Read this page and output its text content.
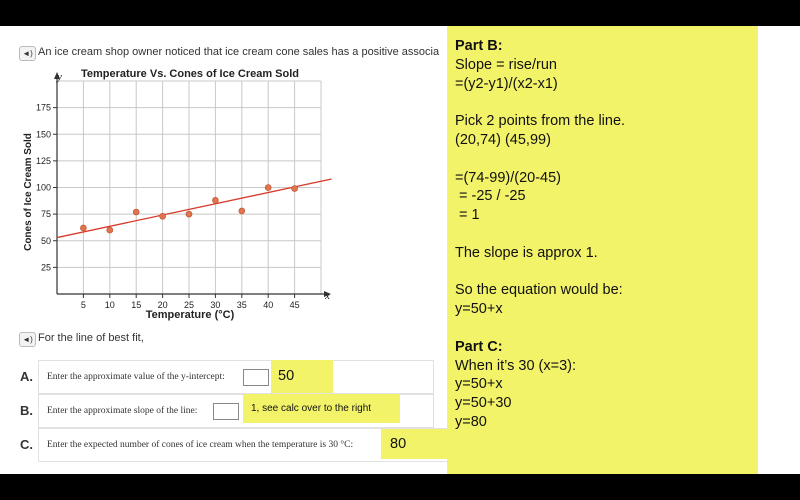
◄) An ice cream shop owner noticed that ice cream cone sales has a positive associa
5 10 15 20 25 30 35 40 45
25
50
75
100
125
150
175
Temperature Vs. Cones of Ice Cream Sold
Temperature (°C)
Cones of Ice Cream Sold
y
x
◄) For the line of best fit,
A. Enter the approximate value of the y-intercept:	50
B. Enter the approximate slope of the line:	1, see calc over to the right
C. Enter the expected number of cones of ice cream when the temperature is 30 °C:	80
Part B:
Slope = rise/run
=(y2-y1)/(x2-x1)
Pick 2 points from the line.
(20,74) (45,99)
=(74-99)/(20-45)
= -25 / -25
= 1
The slope is approx 1.
So the equation would be:
y=50+x
Part C:
When it’s 30 (x=3):
y=50+x
y=50+30
y=80
